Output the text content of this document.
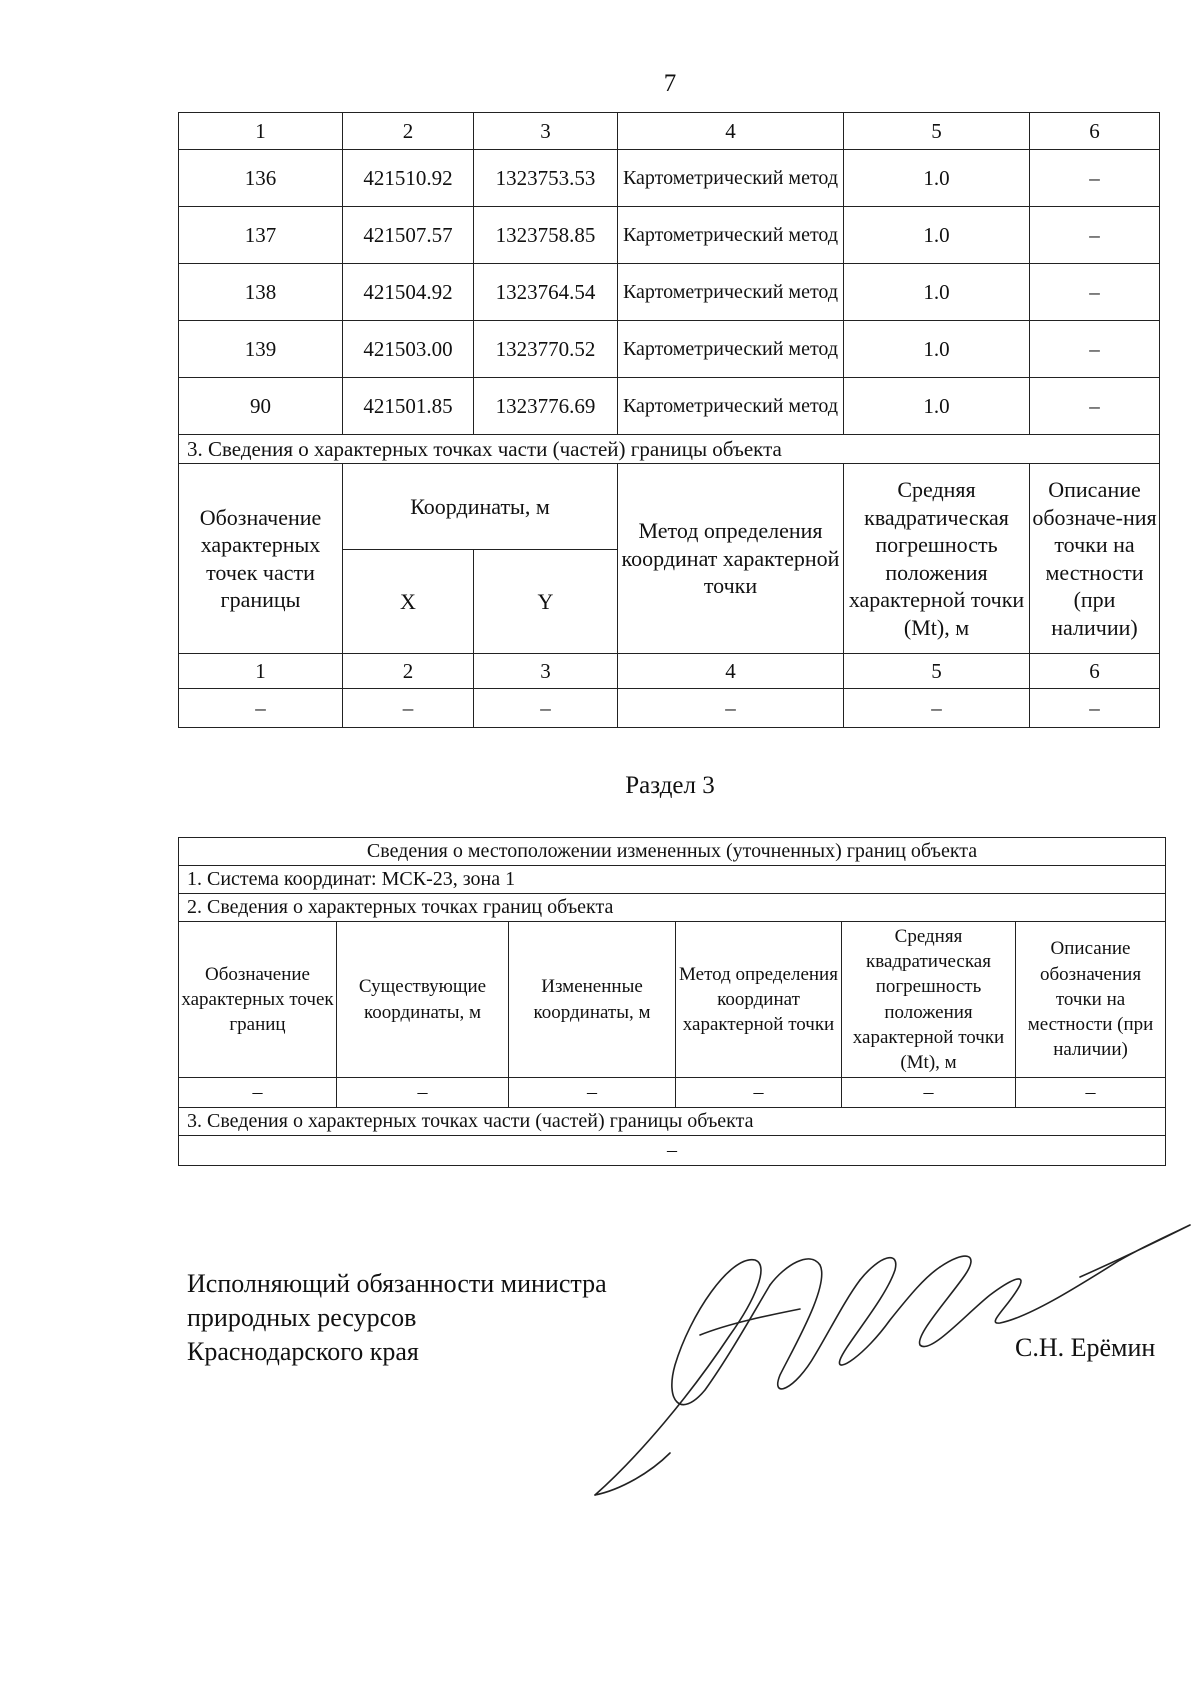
7
1	2	3	4	5	6
136	421510.92	1323753.53	Картометрический метод	1.0	–
137	421507.57	1323758.85	Картометрический метод	1.0	–
138	421504.92	1323764.54	Картометрический метод	1.0	–
139	421503.00	1323770.52	Картометрический метод	1.0	–
90	421501.85	1323776.69	Картометрический метод	1.0	–
3. Сведения о характерных точках части (частей) границы объекта					
Обозначение характерных точек части границы	Координаты, м		Метод определения координат характерной точки	Средняя квадратическая погрешность положения характерной точки (Mt), м	Описание обозначе-ния точки на местности (при наличии)
	X	Y			
1	2	3	4	5	6
–	–	–	–	–	–
Раздел 3
Сведения о местоположении измененных (уточненных) границ объекта					
1. Система координат: МСК-23, зона 1					
2. Сведения о характерных точках границ объекта					
Обозначение характерных точек границ	Существующие координаты, м	Измененные координаты, м	Метод определения координат характерной точки	Средняя квадратическая погрешность положения характерной точки (Mt), м	Описание обозначения точки на местности (при наличии)
–	–	–	–	–	–
3. Сведения о характерных точках части (частей) границы объекта					
–					
Исполняющий обязанности министра
природных ресурсов
Краснодарского края	С.Н. Ерёмин
